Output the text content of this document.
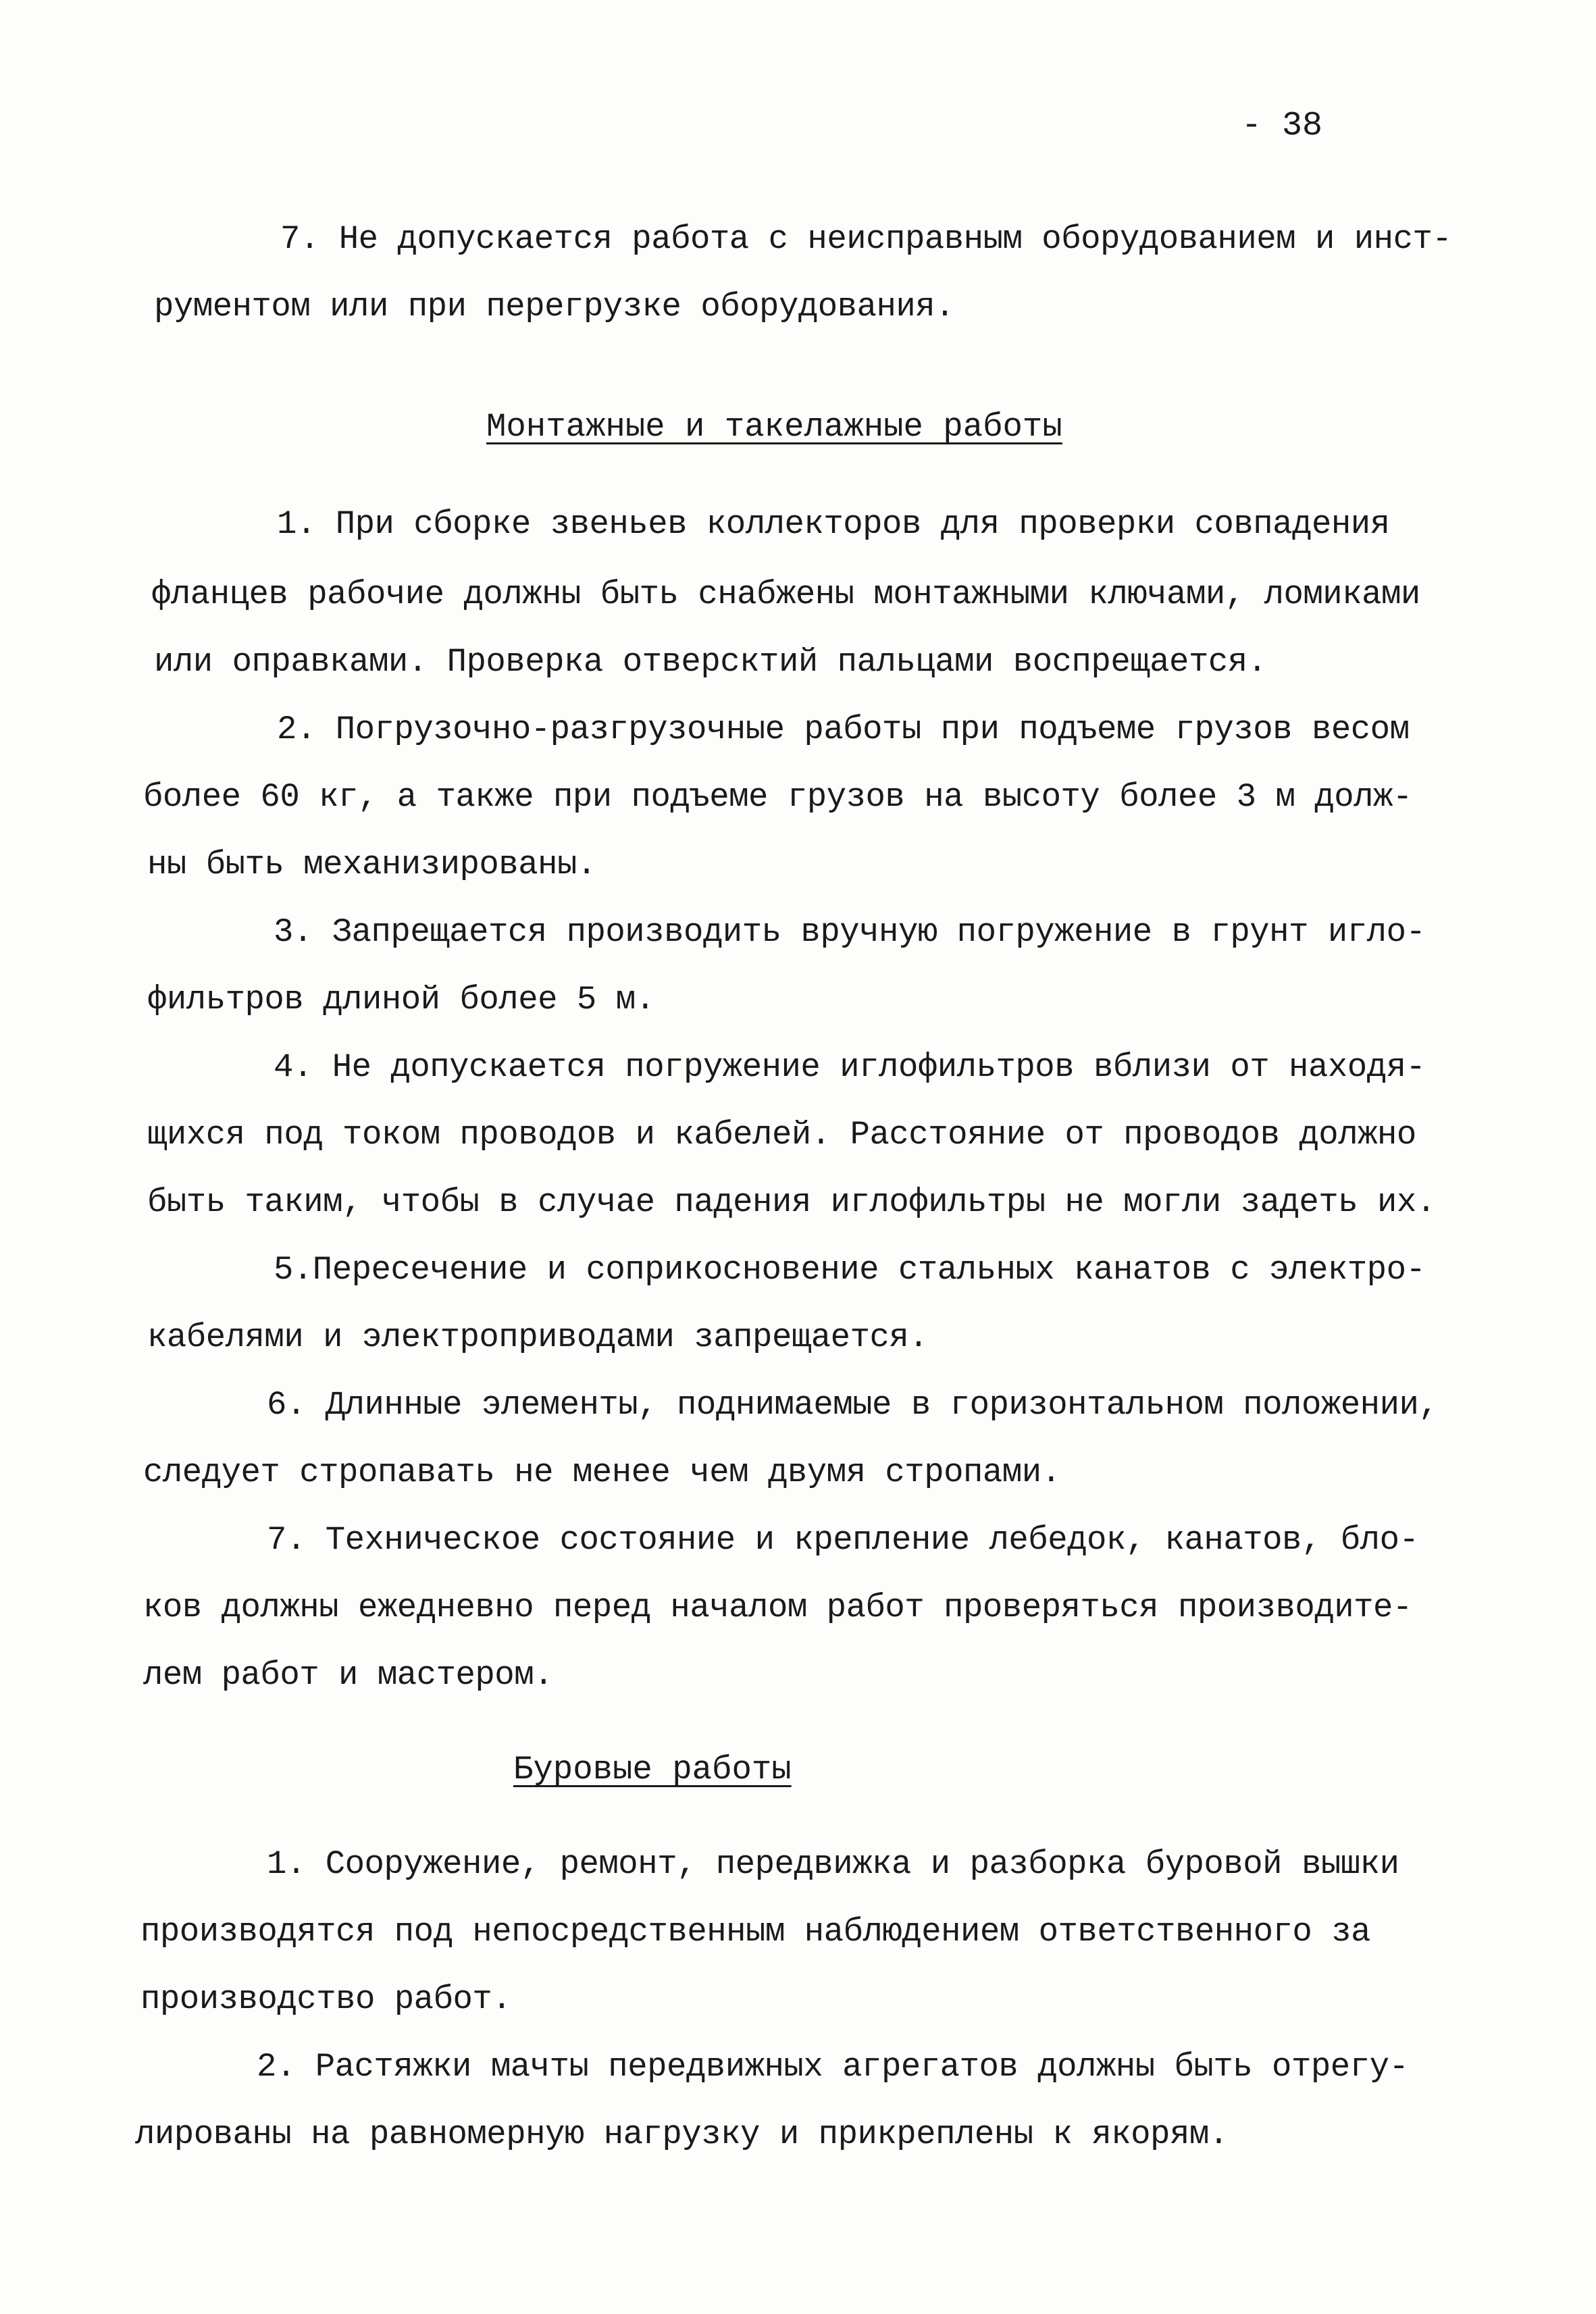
- 38
7. Не допускается работа с неисправным оборудованием и инст-
рументом или при перегрузке оборудования.
Монтажные и такелажные работы
1. При сборке звеньев коллекторов для проверки совпадения
фланцев рабочие должны быть снабжены монтажными ключами, ломиками
или оправками. Проверка отверсктий пальцами воспрещается.
2. Погрузочно-разгрузочные работы при подъеме грузов весом
более 60 кг, а также при подъеме грузов на высоту более 3 м долж-
ны быть механизированы.
3. Запрещается производить вручную погружение в грунт игло-
фильтров длиной более 5 м.
4. Не допускается погружение иглофильтров вблизи от находя-
щихся под током проводов и кабелей. Расстояние от проводов должно
быть таким, чтобы в случае падения иглофильтры не могли задеть их.
5.Пересечение и соприкосновение стальных канатов с электро-
кабелями и электроприводами запрещается.
6. Длинные элементы, поднимаемые в горизонтальном положении,
следует стропавать не менее чем двумя стропами.
7. Техническое состояние и крепление лебедок, канатов, бло-
ков должны ежедневно перед началом работ проверяться производите-
лем работ и мастером.
Буровые работы
1. Сооружение, ремонт, передвижка и разборка буровой вышки
производятся под непосредственным наблюдением ответственного за
производство работ.
2. Растяжки мачты передвижных агрегатов должны быть отрегу-
лированы на равномерную нагрузку и прикреплены к якорям.
